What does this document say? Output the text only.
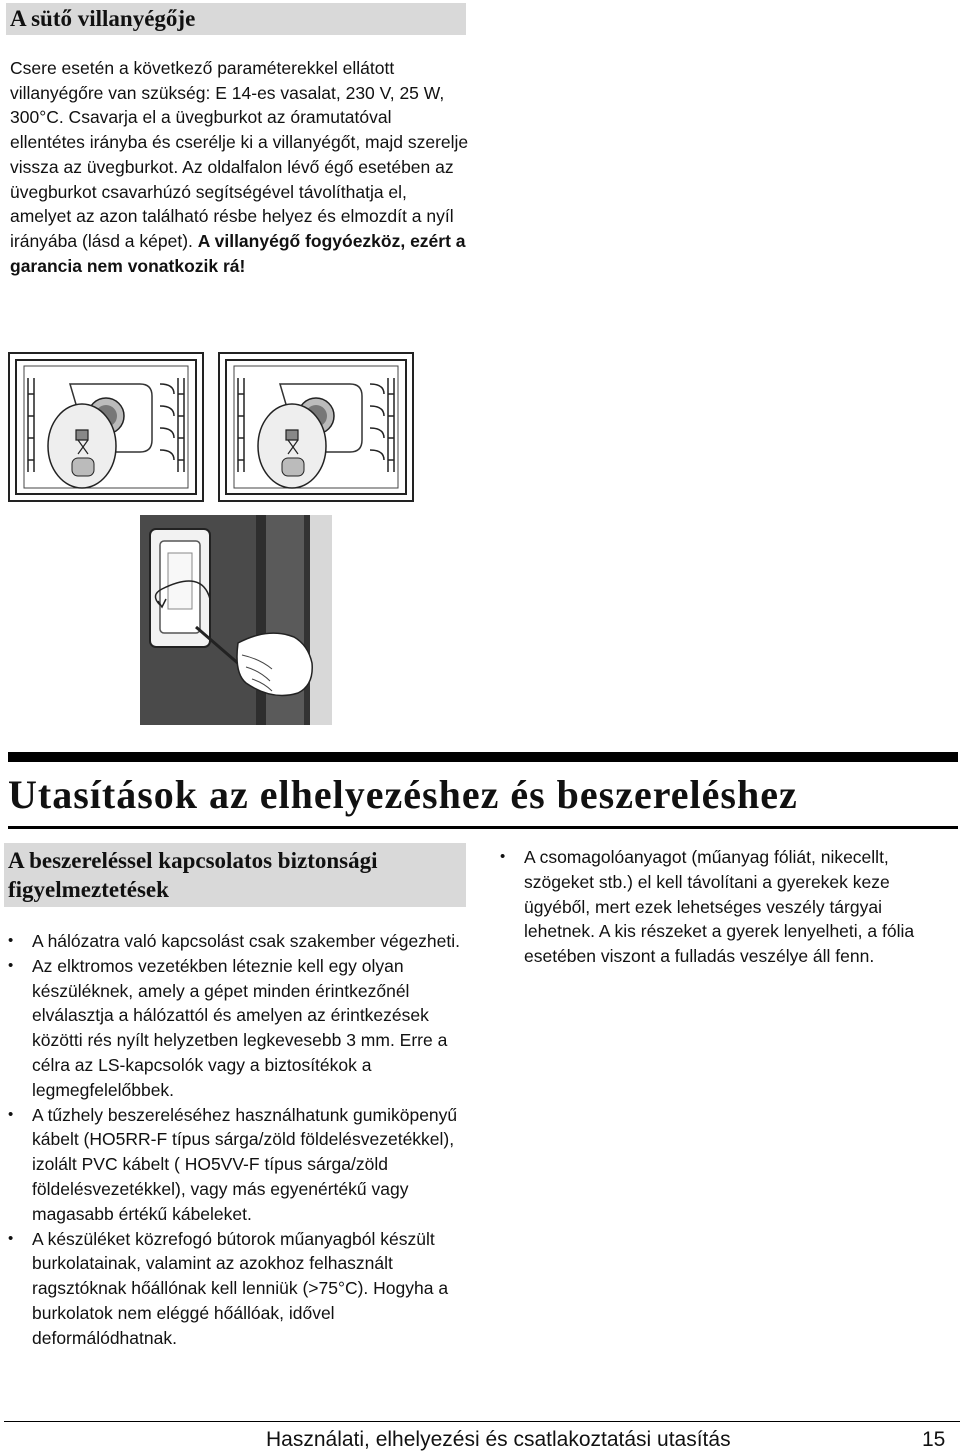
A sütő villanyégője
Csere esetén a következő paraméterekkel ellátott villanyégőre van szükség: E 14-es vasalat, 230 V, 25 W, 300°C. Csavarja el a üvegburkot az óramutatóval ellentétes irányba és cserélje ki a villanyégőt, majd szerelje vissza az üvegburkot. Az oldalfalon lévő égő esetében az üvegburkot csavarhúzó segítségével távolíthatja el, amelyet az azon található résbe helyez és elmozdít a nyíl irányába (lásd a képet). A villanyégő fogyóezköz, ezért a garancia nem vonatkozik rá!
Utasítások az elhelyezéshez és beszereléshez
A beszereléssel kapcsolatos biztonsági figyelmeztetések
•	A hálózatra való kapcsolást csak szakember végezheti.
•	Az elktromos vezetékben léteznie kell egy olyan készüléknek, amely a gépet minden érintkezőnél elválasztja a hálózattól és amelyen az érintkezések közötti rés nyílt helyzetben legkevesebb 3 mm. Erre a célra az LS-kapcsolók vagy a biztosítékok a legmegfelelőbbek.
•	A tűzhely beszereléséhez használhatunk gumiköpenyű kábelt (HO5RR-F típus sárga/zöld földelésvezetékkel), izolált PVC kábelt ( HO5VV-F típus sárga/zöld földelésvezetékkel), vagy más egyenértékű vagy magasabb értékű kábeleket.
•	A készüléket közrefogó bútorok műanyagból készült burkolatainak, valamint az azokhoz felhasznált ragsztóknak hőállónak kell lenniük (>75°C). Hogyha a burkolatok nem eléggé hőállóak, idővel deformálódhatnak.
•	A csomagolóanyagot (műanyag fóliát, nikecellt, szögeket stb.) el kell távolítani a gyerekek keze ügyéből, mert ezek lehetséges veszély tárgyai lehetnek. A kis részeket a gyerek lenyelheti, a fólia esetében viszont a fulladás veszélye áll fenn.
Használati, elhelyezési és csatlakoztatási utasítás	15
